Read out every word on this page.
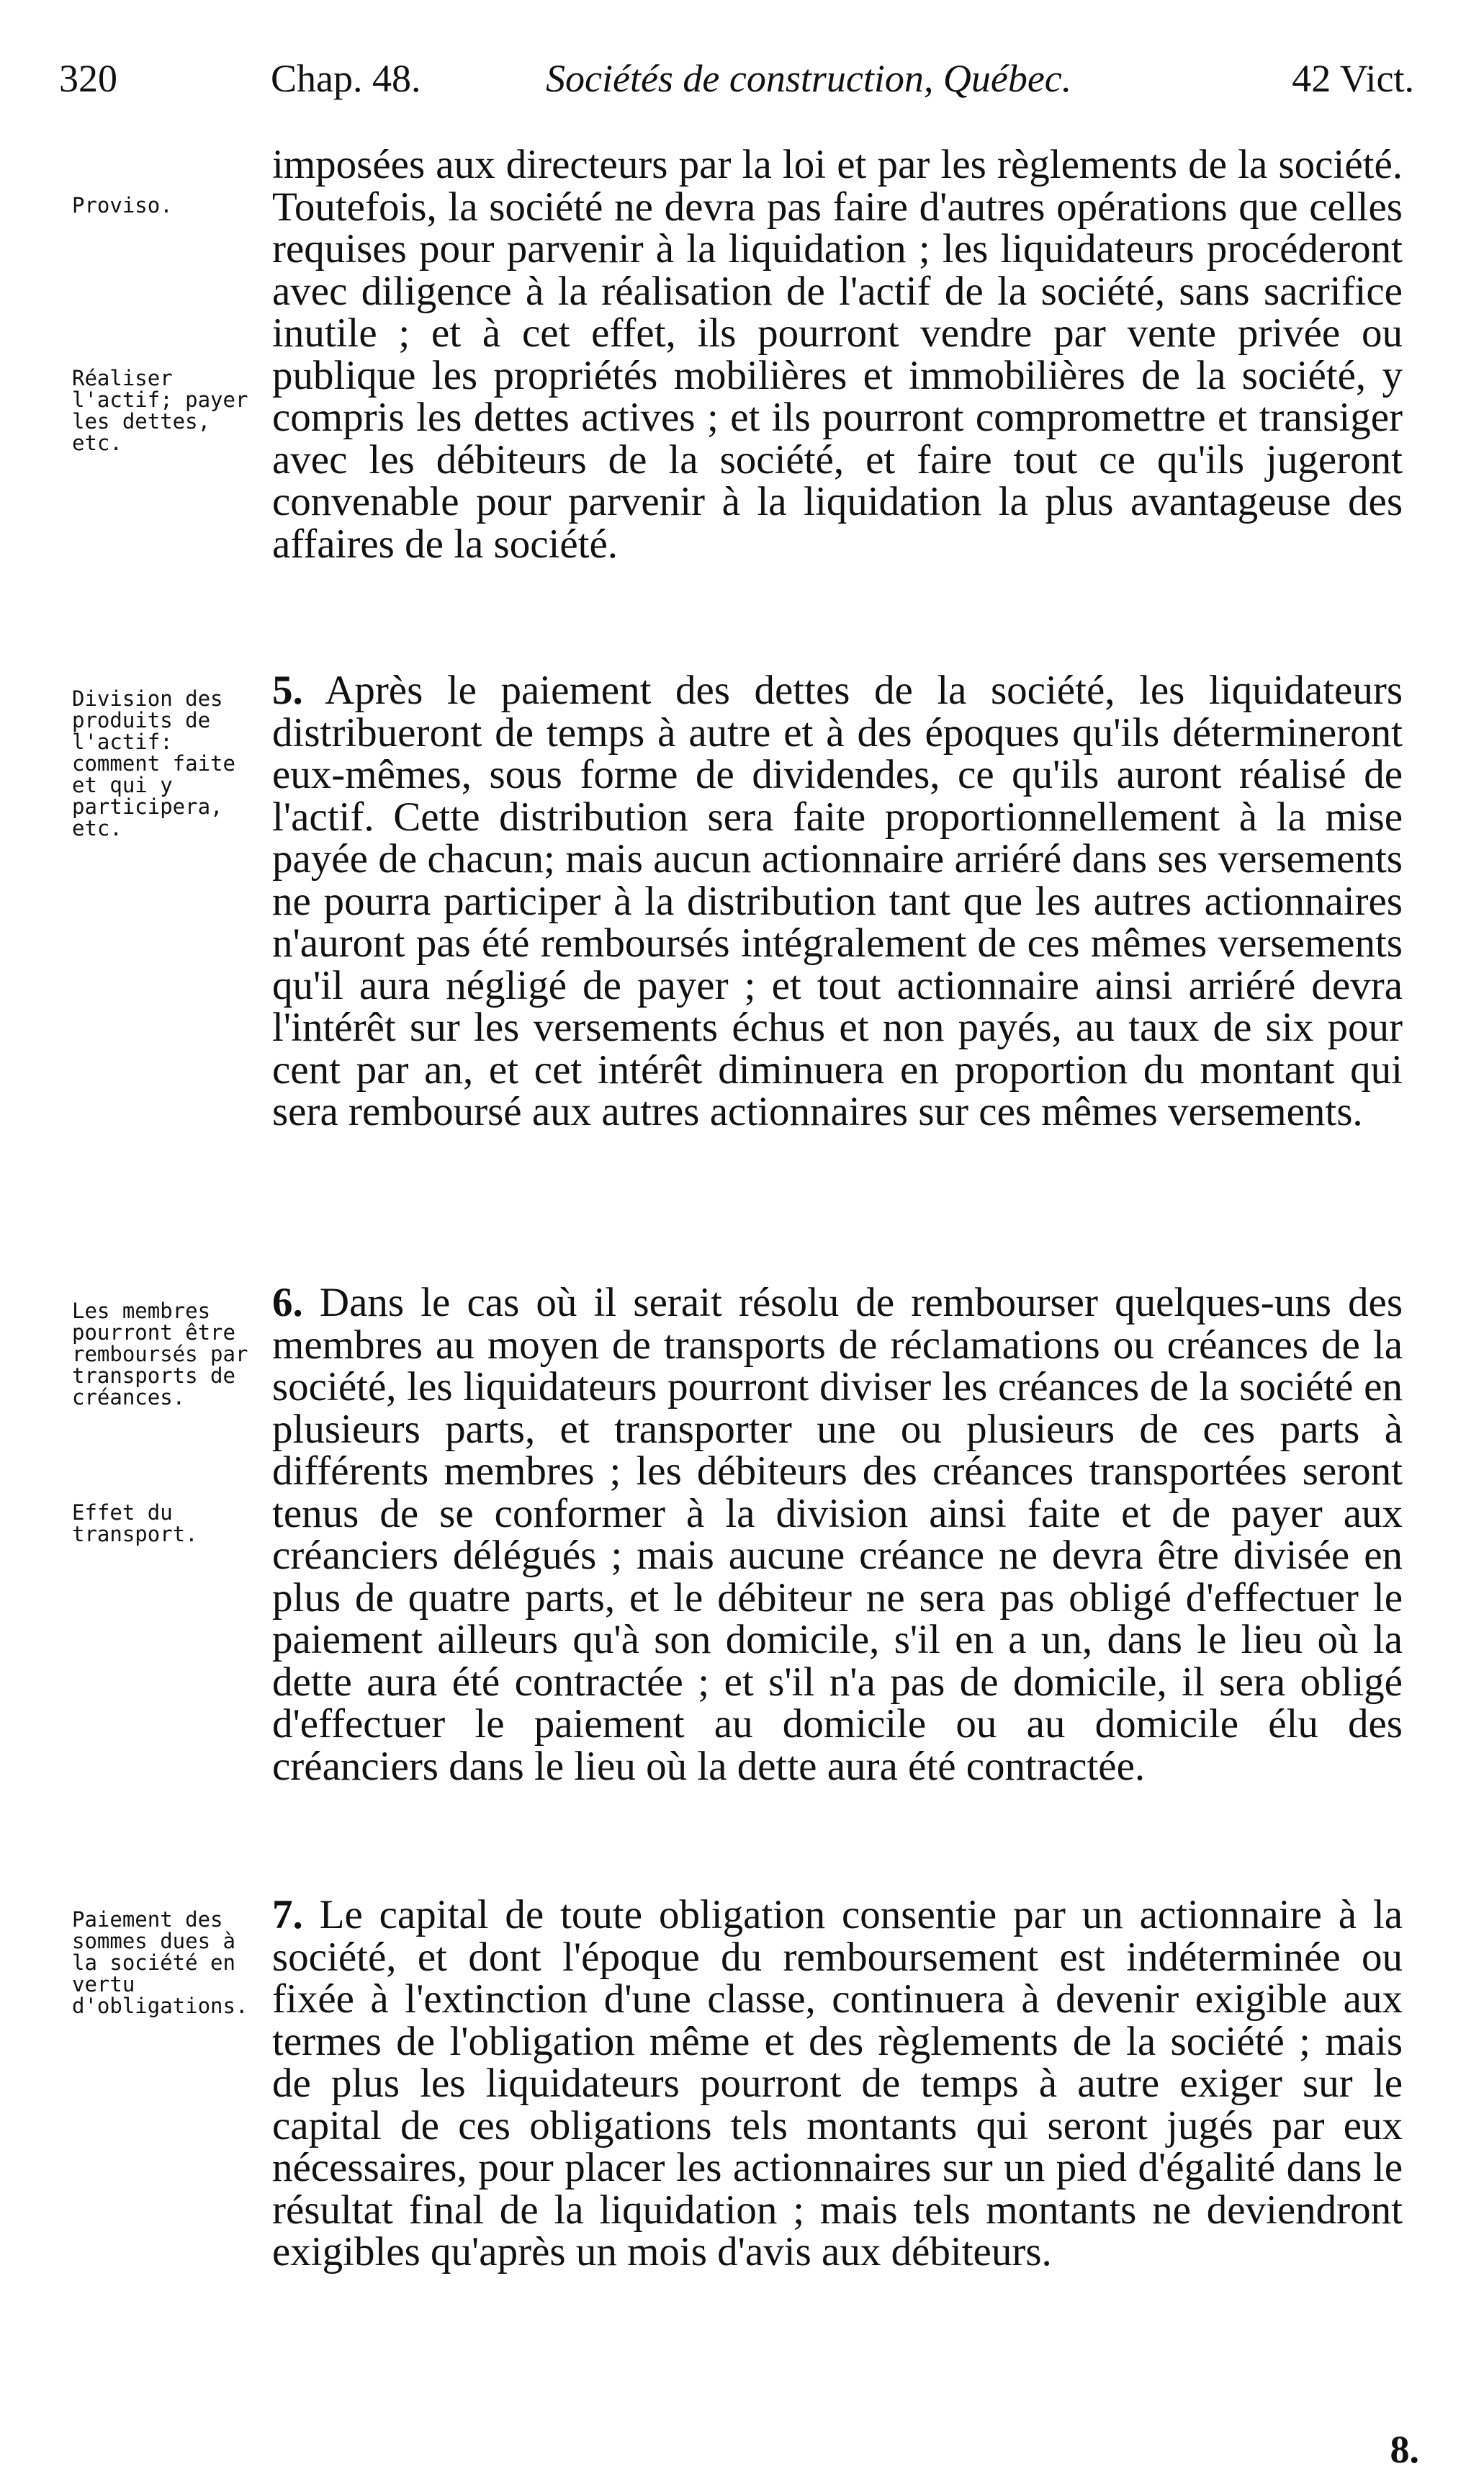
320	Chap. 48.	Sociétés de construction, Québec.	42 Vict.
Proviso.
Réaliser l'actif; payer les dettes, etc.
Division des produits de l'actif: comment faite et qui y participera, etc.
Les membres pourront être remboursés par transports de créances.
Effet du transport.
Paiement des sommes dues à la société en vertu d'obligations.
imposées aux directeurs par la loi et par les règlements de la société. Toutefois, la société ne devra pas faire d'autres opérations que celles requises pour parvenir à la liquidation ; les liquidateurs procéderont avec diligence à la réalisation de l'actif de la société, sans sacrifice inutile ; et à cet effet, ils pourront vendre par vente privée ou publique les propriétés mobilières et immobilières de la société, y compris les dettes actives ; et ils pourront compromettre et transiger avec les débiteurs de la société, et faire tout ce qu'ils jugeront convenable pour parvenir à la liquidation la plus avantageuse des affaires de la société.
5. Après le paiement des dettes de la société, les liquidateurs distribueront de temps à autre et à des époques qu'ils détermineront eux-mêmes, sous forme de dividendes, ce qu'ils auront réalisé de l'actif. Cette distribution sera faite proportionnellement à la mise payée de chacun; mais aucun actionnaire arriéré dans ses versements ne pourra participer à la distribution tant que les autres actionnaires n'auront pas été remboursés intégralement de ces mêmes versements qu'il aura négligé de payer ; et tout actionnaire ainsi arriéré devra l'intérêt sur les versements échus et non payés, au taux de six pour cent par an, et cet intérêt diminuera en proportion du montant qui sera remboursé aux autres actionnaires sur ces mêmes versements.
6. Dans le cas où il serait résolu de rembourser quelques-uns des membres au moyen de transports de réclamations ou créances de la société, les liquidateurs pourront diviser les créances de la société en plusieurs parts, et transporter une ou plusieurs de ces parts à différents membres ; les débiteurs des créances transportées seront tenus de se conformer à la division ainsi faite et de payer aux créanciers délégués ; mais aucune créance ne devra être divisée en plus de quatre parts, et le débiteur ne sera pas obligé d'effectuer le paiement ailleurs qu'à son domicile, s'il en a un, dans le lieu où la dette aura été contractée ; et s'il n'a pas de domicile, il sera obligé d'effectuer le paiement au domicile ou au domicile élu des créanciers dans le lieu où la dette aura été contractée.
7. Le capital de toute obligation consentie par un actionnaire à la société, et dont l'époque du remboursement est indéterminée ou fixée à l'extinction d'une classe, continuera à devenir exigible aux termes de l'obligation même et des règlements de la société ; mais de plus les liquidateurs pourront de temps à autre exiger sur le capital de ces obligations tels montants qui seront jugés par eux nécessaires, pour placer les actionnaires sur un pied d'égalité dans le résultat final de la liquidation ; mais tels montants ne deviendront exigibles qu'après un mois d'avis aux débiteurs.
8.
